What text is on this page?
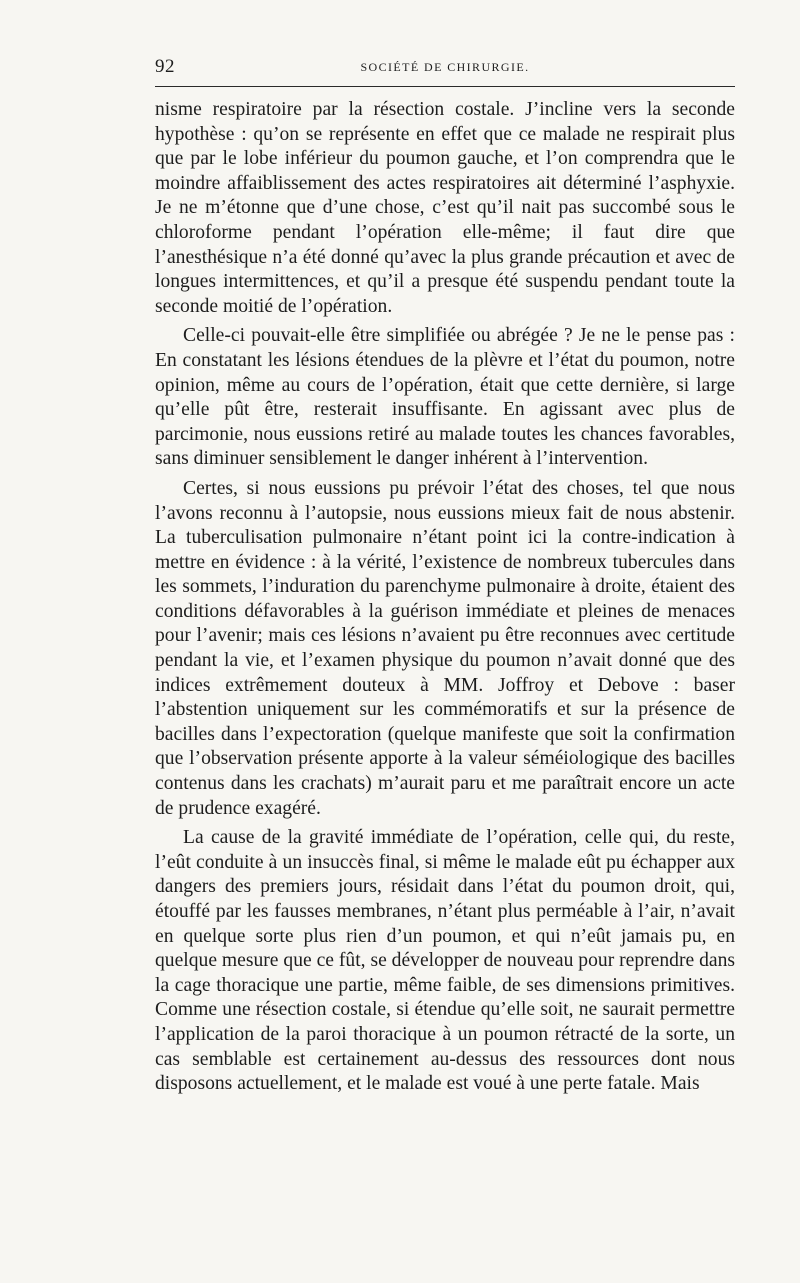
92	SOCIÉTÉ DE CHIRURGIE.

nisme respiratoire par la résection costale. J’incline vers la seconde hypothèse : qu’on se représente en effet que ce malade ne respirait plus que par le lobe inférieur du poumon gauche, et l’on comprendra que le moindre affaiblissement des actes respiratoires ait déterminé l’asphyxie. Je ne m’étonne que d’une chose, c’est qu’il nait pas succombé sous le chloroforme pendant l’opération elle-même; il faut dire que l’anesthésique n’a été donné qu’avec la plus grande précaution et avec de longues intermittences, et qu’il a presque été suspendu pendant toute la seconde moitié de l’opération.

Celle-ci pouvait-elle être simplifiée ou abrégée ? Je ne le pense pas : En constatant les lésions étendues de la plèvre et l’état du poumon, notre opinion, même au cours de l’opération, était que cette dernière, si large qu’elle pût être, resterait insuffisante. En agissant avec plus de parcimonie, nous eussions retiré au malade toutes les chances favorables, sans diminuer sensiblement le danger inhérent à l’intervention.

Certes, si nous eussions pu prévoir l’état des choses, tel que nous l’avons reconnu à l’autopsie, nous eussions mieux fait de nous abstenir. La tuberculisation pulmonaire n’étant point ici la contre-indication à mettre en évidence : à la vérité, l’existence de nombreux tubercules dans les sommets, l’induration du parenchyme pulmonaire à droite, étaient des conditions défavorables à la guérison immédiate et pleines de menaces pour l’avenir; mais ces lésions n’avaient pu être reconnues avec certitude pendant la vie, et l’examen physique du poumon n’avait donné que des indices extrêmement douteux à MM. Joffroy et Debove : baser l’abstention uniquement sur les commémoratifs et sur la présence de bacilles dans l’expectoration (quelque manifeste que soit la confirmation que l’observation présente apporte à la valeur séméiologique des bacilles contenus dans les crachats) m’aurait paru et me paraîtrait encore un acte de prudence exagéré.

La cause de la gravité immédiate de l’opération, celle qui, du reste, l’eût conduite à un insuccès final, si même le malade eût pu échapper aux dangers des premiers jours, résidait dans l’état du poumon droit, qui, étouffé par les fausses membranes, n’étant plus perméable à l’air, n’avait en quelque sorte plus rien d’un poumon, et qui n’eût jamais pu, en quelque mesure que ce fût, se développer de nouveau pour reprendre dans la cage thoracique une partie, même faible, de ses dimensions primitives. Comme une résection costale, si étendue qu’elle soit, ne saurait permettre l’application de la paroi thoracique à un poumon rétracté de la sorte, un cas semblable est certainement au-dessus des ressources dont nous disposons actuellement, et le malade est voué à une perte fatale. Mais
